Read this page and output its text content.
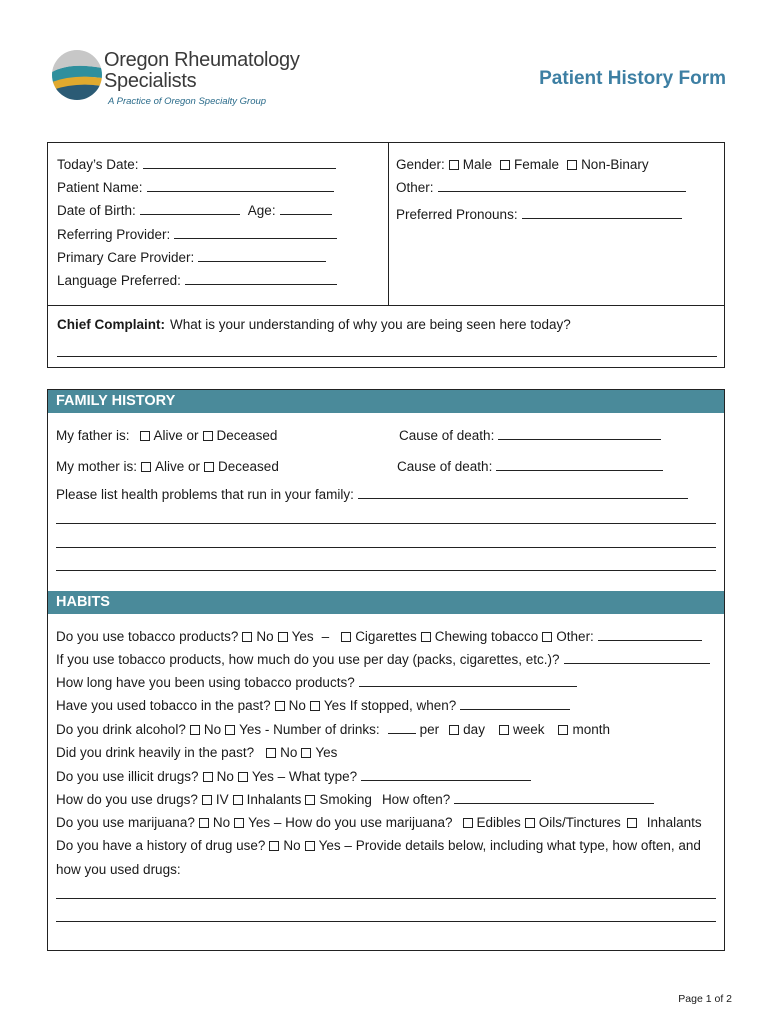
Oregon Rheumatology
Specialists
A Practice of Oregon Specialty Group
Patient History Form
Today’s Date:
Patient Name:
Date of Birth:	Age:
Referring Provider:
Primary Care Provider:
Language Preferred:
Gender: Male Female Non-Binary
Other:
Preferred Pronouns:
Chief Complaint: What is your understanding of why you are being seen here today?
FAMILY HISTORY
My father is: Alive or Deceased	Cause of death:
My mother is: Alive or Deceased	Cause of death:
Please list health problems that run in your family:
HABITS
Do you use tobacco products? No Yes – Cigarettes Chewing tobacco Other:
If you use tobacco products, how much do you use per day (packs, cigarettes, etc.)?
How long have you been using tobacco products?
Have you used tobacco in the past? No Yes If stopped, when?
Do you drink alcohol? No Yes - Number of drinks:	per day week month
Did you drink heavily in the past? No Yes
Do you use illicit drugs? No Yes – What type?
How do you use drugs? IV Inhalants Smoking How often?
Do you use marijuana? No Yes – How do you use marijuana? Edibles Oils/Tinctures Inhalants
Do you have a history of drug use? No Yes – Provide details below, including what type, how often, and
how you used drugs:
Page 1 of 2
